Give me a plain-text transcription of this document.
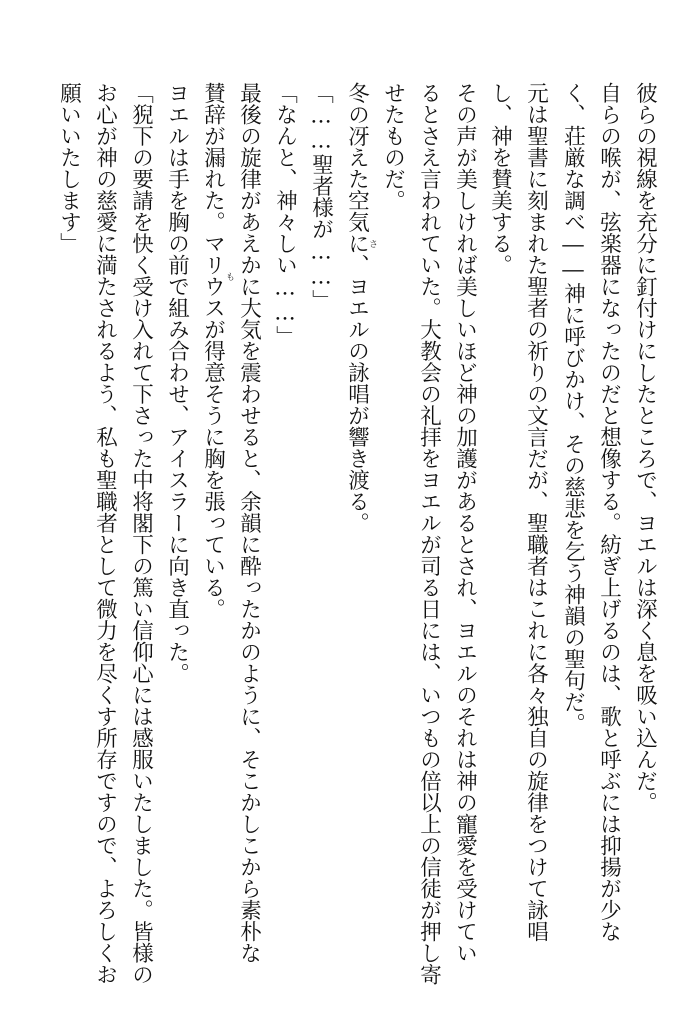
彼らの視線を充分に釘付けにしたところで、ヨエルは深く息を吸い込んだ。
自らの喉が、弦楽器になったのだと想像する。紡ぎ上げるのは、歌と呼ぶには抑揚が少な
く、荘厳な調べ――神に呼びかけ、その慈悲を乞う神韻の聖句だ。
元は聖書に刻まれた聖者の祈りの文言だが、聖職者はこれに各々独自の旋律をつけて詠唱
し、神を賛美する。
その声が美しければ美しいほど神の加護があるとされ、ヨエルのそれは神の寵愛を受けてい
るとさえ言われていた。大教会の礼拝をヨエルが司る日には、いつもの倍以上の信徒が押し寄
せたものだ。
冬の冴えた空気に、ヨエルの詠唱が響き渡る。
「……聖者様が……」
「なんと、神々しい……」
最後の旋律があえかに大気を震わせると、余韻に酔ったかのように、そこかしこから素朴な
賛辞が漏れた。マリウスが得意そうに胸を張っている。
ヨエルは手を胸の前で組み合わせ、アイスラーに向き直った。
「猊下の要請を快く受け入れて下さった中将閣下の篤い信仰心には感服いたしました。皆様の
お心が神の慈愛に満たされるよう、私も聖職者として微力を尽くす所存ですので、よろしくお
願いいたします」	さ
も
